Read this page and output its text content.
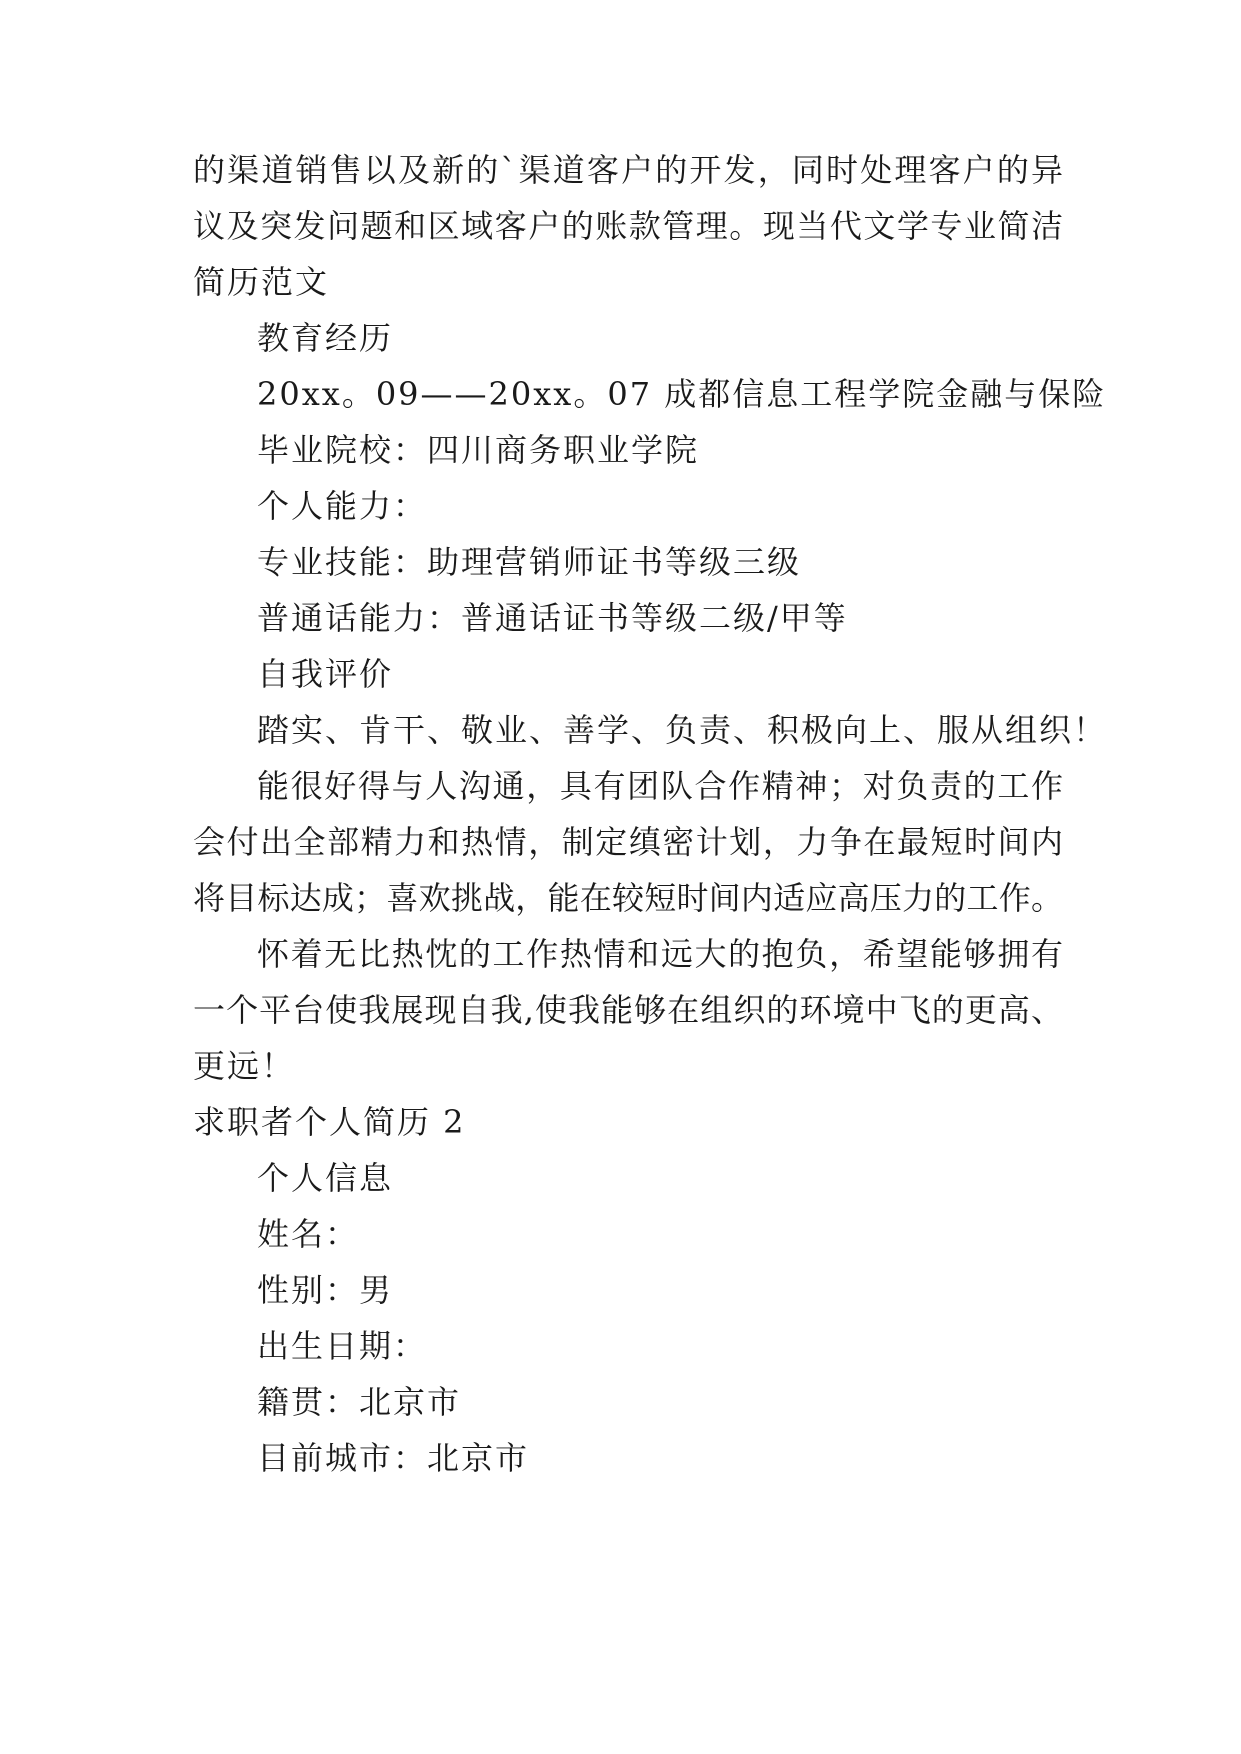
的渠道销售以及新的`渠道客户的开发，同时处理客户的异
议及突发问题和区域客户的账款管理。现当代文学专业简洁
简历范文
教育经历
20xx。09——20xx。07 成都信息工程学院金融与保险
毕业院校：四川商务职业学院
个人能力：
专业技能：助理营销师证书等级三级
普通话能力：普通话证书等级二级/甲等
自我评价
踏实、肯干、敬业、善学、负责、积极向上、服从组织！
能很好得与人沟通，具有团队合作精神；对负责的工作
会付出全部精力和热情，制定缜密计划，力争在最短时间内
将目标达成；喜欢挑战，能在较短时间内适应高压力的工作。
怀着无比热忱的工作热情和远大的抱负，希望能够拥有
一个平台使我展现自我,使我能够在组织的环境中飞的更高、
更远！
求职者个人简历 2
个人信息
姓名：
性别：男
出生日期：
籍贯：北京市
目前城市：北京市
